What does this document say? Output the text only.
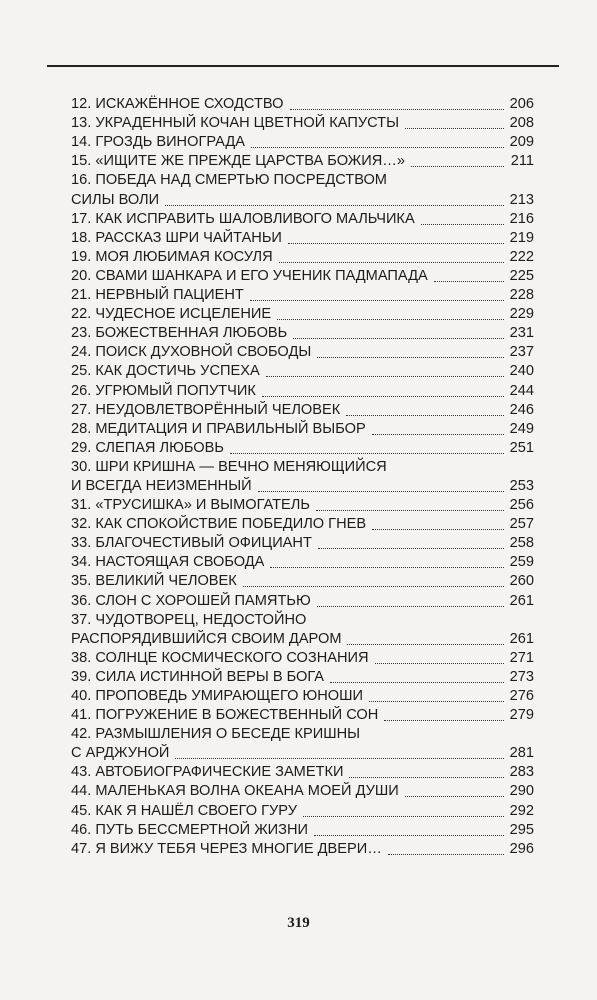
12. ИСКАЖЁННОЕ СХОДСТВО	206
13. УКРАДЕННЫЙ КОЧАН ЦВЕТНОЙ КАПУСТЫ	208
14. ГРОЗДЬ ВИНОГРАДА	209
15. «ИЩИТЕ ЖЕ ПРЕЖДЕ ЦАРСТВА БОЖИЯ…»	211
16. ПОБЕДА НАД СМЕРТЬЮ ПОСРЕДСТВОМ
СИЛЫ ВОЛИ	213
17. КАК ИСПРАВИТЬ ШАЛОВЛИВОГО МАЛЬЧИКА	216
18. РАССКАЗ ШРИ ЧАЙТАНЬИ	219
19. МОЯ ЛЮБИМАЯ КОСУЛЯ	222
20. СВАМИ ШАНКАРА И ЕГО УЧЕНИК ПАДМАПАДА	225
21. НЕРВНЫЙ ПАЦИЕНТ	228
22. ЧУДЕСНОЕ ИСЦЕЛЕНИЕ	229
23. БОЖЕСТВЕННАЯ ЛЮБОВЬ	231
24. ПОИСК ДУХОВНОЙ СВОБОДЫ	237
25. КАК ДОСТИЧЬ УСПЕХА	240
26. УГРЮМЫЙ ПОПУТЧИК	244
27. НЕУДОВЛЕТВОРЁННЫЙ ЧЕЛОВЕК	246
28. МЕДИТАЦИЯ И ПРАВИЛЬНЫЙ ВЫБОР	249
29. СЛЕПАЯ ЛЮБОВЬ	251
30. ШРИ КРИШНА — ВЕЧНО МЕНЯЮЩИЙСЯ
И ВСЕГДА НЕИЗМЕННЫЙ	253
31. «ТРУСИШКА» И ВЫМОГАТЕЛЬ	256
32. КАК СПОКОЙСТВИЕ ПОБЕДИЛО ГНЕВ	257
33. БЛАГОЧЕСТИВЫЙ ОФИЦИАНТ	258
34. НАСТОЯЩАЯ СВОБОДА	259
35. ВЕЛИКИЙ ЧЕЛОВЕК	260
36. СЛОН С ХОРОШЕЙ ПАМЯТЬЮ	261
37. ЧУДОТВОРЕЦ, НЕДОСТОЙНО
РАСПОРЯДИВШИЙСЯ СВОИМ ДАРОМ	261
38. СОЛНЦЕ КОСМИЧЕСКОГО СОЗНАНИЯ	271
39. СИЛА ИСТИННОЙ ВЕРЫ В БОГА	273
40. ПРОПОВЕДЬ УМИРАЮЩЕГО ЮНОШИ	276
41. ПОГРУЖЕНИЕ В БОЖЕСТВЕННЫЙ СОН	279
42. РАЗМЫШЛЕНИЯ О БЕСЕДЕ КРИШНЫ
С АРДЖУНОЙ	281
43. АВТОБИОГРАФИЧЕСКИЕ ЗАМЕТКИ	283
44. МАЛЕНЬКАЯ ВОЛНА ОКЕАНА МОЕЙ ДУШИ	290
45. КАК Я НАШЁЛ СВОЕГО ГУРУ	292
46. ПУТЬ БЕССМЕРТНОЙ ЖИЗНИ	295
47. Я ВИЖУ ТЕБЯ ЧЕРЕЗ МНОГИЕ ДВЕРИ…	296
319
